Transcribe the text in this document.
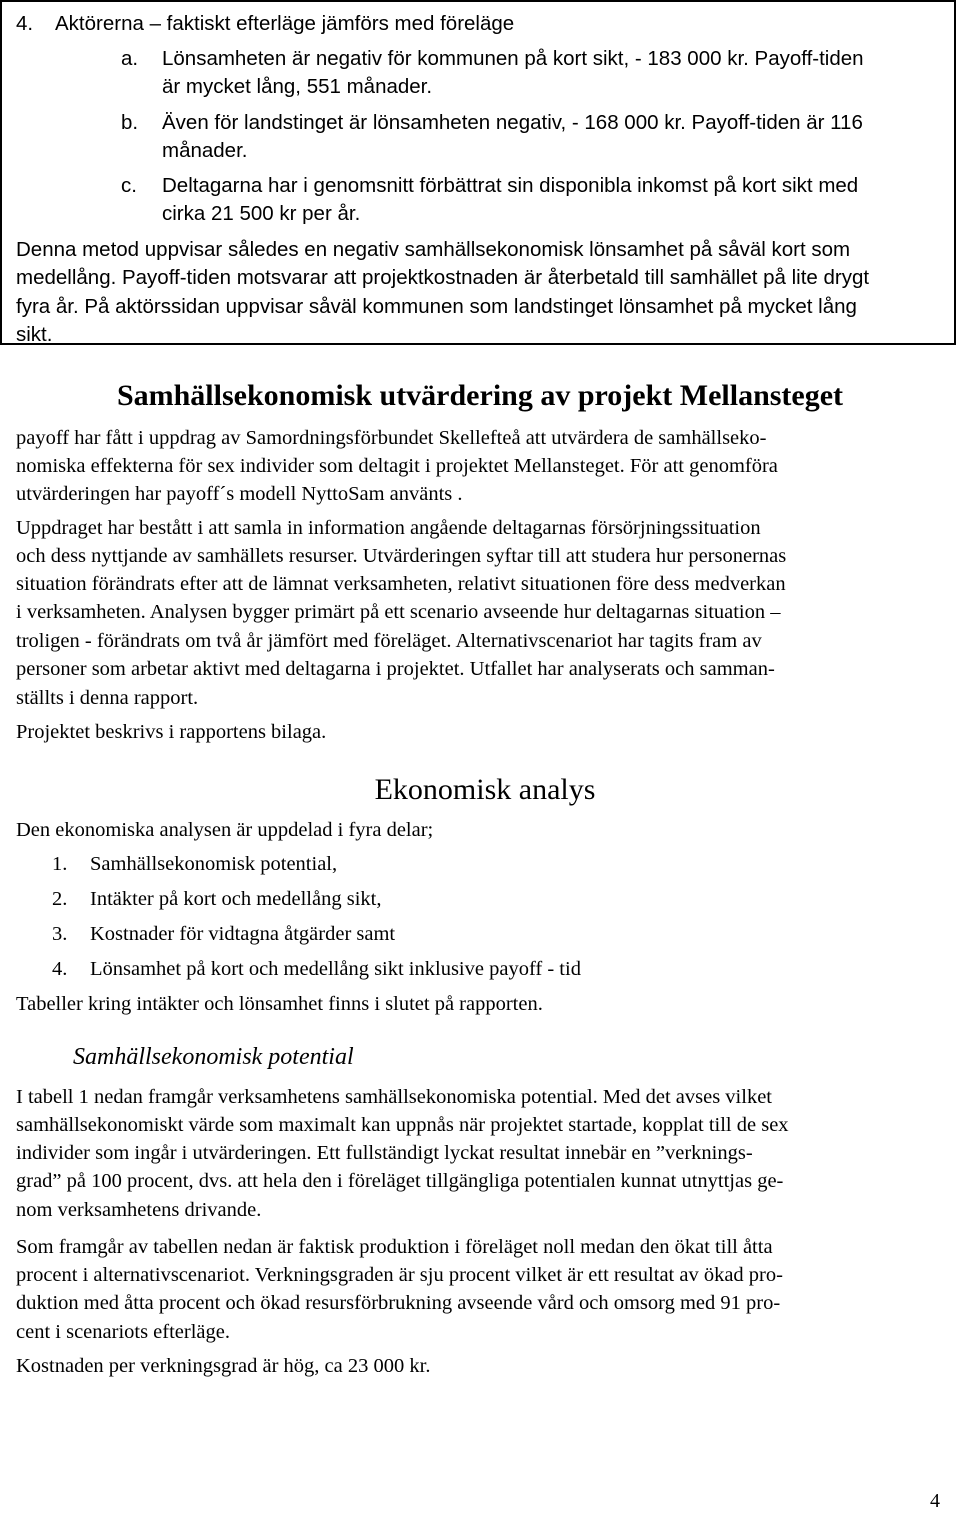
4. Aktörerna – faktiskt efterläge jämförs med föreläge
a. Lönsamheten är negativ för kommunen på kort sikt, - 183 000 kr. Payoff-tiden
är mycket lång, 551 månader.
b. Även för landstinget är lönsamheten negativ, - 168 000 kr. Payoff-tiden är 116
månader.
c. Deltagarna har i genomsnitt förbättrat sin disponibla inkomst på kort sikt med
cirka 21 500 kr per år.
Denna metod uppvisar således en negativ samhällsekonomisk lönsamhet på såväl kort som
medellång. Payoff-tiden motsvarar att projektkostnaden är återbetald till samhället på lite drygt
fyra år. På aktörssidan uppvisar såväl kommunen som landstinget lönsamhet på mycket lång
sikt.
Samhällsekonomisk utvärdering av projekt Mellansteget
payoff har fått i uppdrag av Samordningsförbundet Skellefteå att utvärdera de samhällseko-
nomiska effekterna för sex individer som deltagit i projektet Mellansteget. För att genomföra
utvärderingen har payoff´s modell NyttoSam använts .
Uppdraget har bestått i att samla in information angående deltagarnas försörjningssituation
och dess nyttjande av samhällets resurser. Utvärderingen syftar till att studera hur personernas
situation förändrats efter att de lämnat verksamheten, relativt situationen före dess medverkan
i verksamheten. Analysen bygger primärt på ett scenario avseende hur deltagarnas situation –
troligen - förändrats om två år jämfört med föreläget. Alternativscenariot har tagits fram av
personer som arbetar aktivt med deltagarna i projektet. Utfallet har analyserats och samman-
ställts i denna rapport.
Projektet beskrivs i rapportens bilaga.
Ekonomisk analys
Den ekonomiska analysen är uppdelad i fyra delar;
1. Samhällsekonomisk potential,
2. Intäkter på kort och medellång sikt,
3. Kostnader för vidtagna åtgärder samt
4. Lönsamhet på kort och medellång sikt inklusive payoff - tid
Tabeller kring intäkter och lönsamhet finns i slutet på rapporten.
Samhällsekonomisk potential
I tabell 1 nedan framgår verksamhetens samhällsekonomiska potential. Med det avses vilket
samhällsekonomiskt värde som maximalt kan uppnås när projektet startade, kopplat till de sex
individer som ingår i utvärderingen. Ett fullständigt lyckat resultat innebär en ”verknings-
grad” på 100 procent, dvs. att hela den i föreläget tillgängliga potentialen kunnat utnyttjas ge-
nom verksamhetens drivande.
Som framgår av tabellen nedan är faktisk produktion i föreläget noll medan den ökat till åtta
procent i alternativscenariot. Verkningsgraden är sju procent vilket är ett resultat av ökad pro-
duktion med åtta procent och ökad resursförbrukning avseende vård och omsorg med 91 pro-
cent i scenariots efterläge.
Kostnaden per verkningsgrad är hög, ca 23 000 kr.
4
